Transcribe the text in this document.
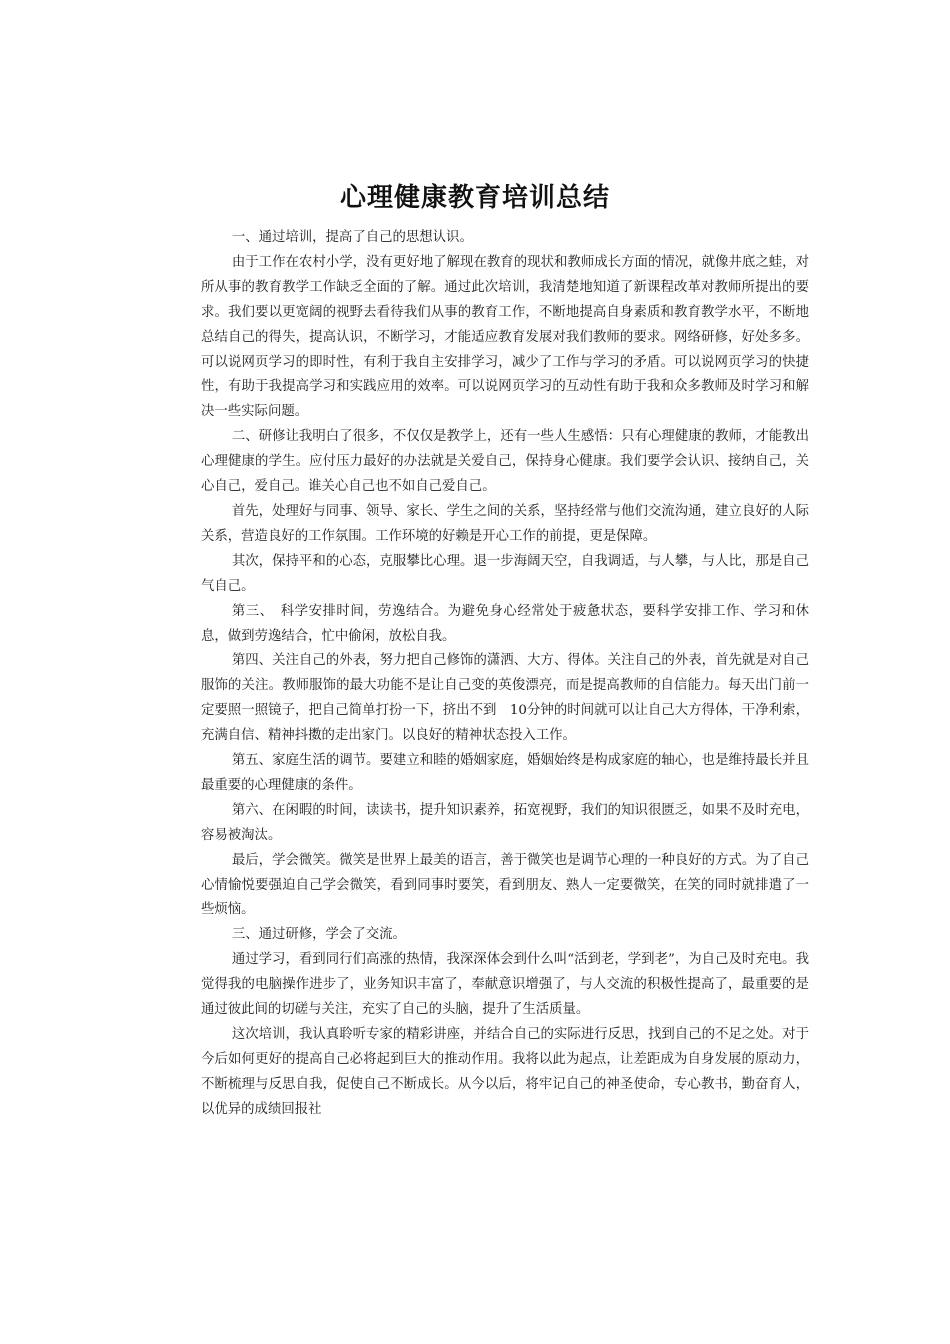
心理健康教育培训总结

一、通过培训，提高了自己的思想认识。

由于工作在农村小学，没有更好地了解现在教育的现状和教师成长方面的情况，就像井底之蛙，对所从事的教育教学工作缺乏全面的了解。通过此次培训，我清楚地知道了新课程改革对教师所提出的要求。我们要以更宽阔的视野去看待我们从事的教育工作，不断地提高自身素质和教育教学水平，不断地总结自己的得失，提高认识，不断学习，才能适应教育发展对我们教师的要求。网络研修，好处多多。可以说网页学习的即时性，有利于我自主安排学习，减少了工作与学习的矛盾。可以说网页学习的快捷性，有助于我提高学习和实践应用的效率。可以说网页学习的互动性有助于我和众多教师及时学习和解决一些实际问题。

二、研修让我明白了很多，不仅仅是教学上，还有一些人生感悟：只有心理健康的教师，才能教出心理健康的学生。应付压力最好的办法就是关爱自己，保持身心健康。我们要学会认识、接纳自己，关心自己，爱自己。谁关心自己也不如自己爱自己。

首先，处理好与同事、领导、家长、学生之间的关系，坚持经常与他们交流沟通，建立良好的人际关系，营造良好的工作氛围。工作环境的好赖是开心工作的前提，更是保障。

其次，保持平和的心态，克服攀比心理。退一步海阔天空，自我调适，与人攀，与人比，那是自己气自己。

第三、　科学安排时间，劳逸结合。为避免身心经常处于疲惫状态，要科学安排工作、学习和休息，做到劳逸结合，忙中偷闲，放松自我。

第四、关注自己的外表，努力把自己修饰的潇洒、大方、得体。关注自己的外表，首先就是对自己服饰的关注。教师服饰的最大功能不是让自己变的英俊漂亮，而是提高教师的自信能力。每天出门前一定要照一照镜子，把自己简单打扮一下，挤出不到　10分钟的时间就可以让自己大方得体，干净利索，充满自信、精神抖擞的走出家门。以良好的精神状态投入工作。

第五、家庭生活的调节。要建立和睦的婚姻家庭，婚姻始终是构成家庭的轴心，也是维持最长并且最重要的心理健康的条件。

第六、在闲暇的时间，读读书，提升知识素养，拓宽视野，我们的知识很匮乏，如果不及时充电，容易被淘汰。

最后，学会微笑。微笑是世界上最美的语言，善于微笑也是调节心理的一种良好的方式。为了自己心情愉悦要强迫自己学会微笑，看到同事时要笑，看到朋友、熟人一定要微笑，在笑的同时就排遣了一些烦恼。

三、通过研修，学会了交流。

通过学习，看到同行们高涨的热情，我深深体会到什么叫“活到老，学到老”，为自己及时充电。我觉得我的电脑操作进步了，业务知识丰富了，奉献意识增强了，与人交流的积极性提高了，最重要的是通过彼此间的切磋与关注，充实了自己的头脑，提升了生活质量。

这次培训，我认真聆听专家的精彩讲座，并结合自己的实际进行反思，找到自己的不足之处。对于今后如何更好的提高自己必将起到巨大的推动作用。我将以此为起点，让差距成为自身发展的原动力，不断梳理与反思自我，促使自己不断成长。从今以后，将牢记自己的神圣使命，专心教书，勤奋育人，以优异的成绩回报社
